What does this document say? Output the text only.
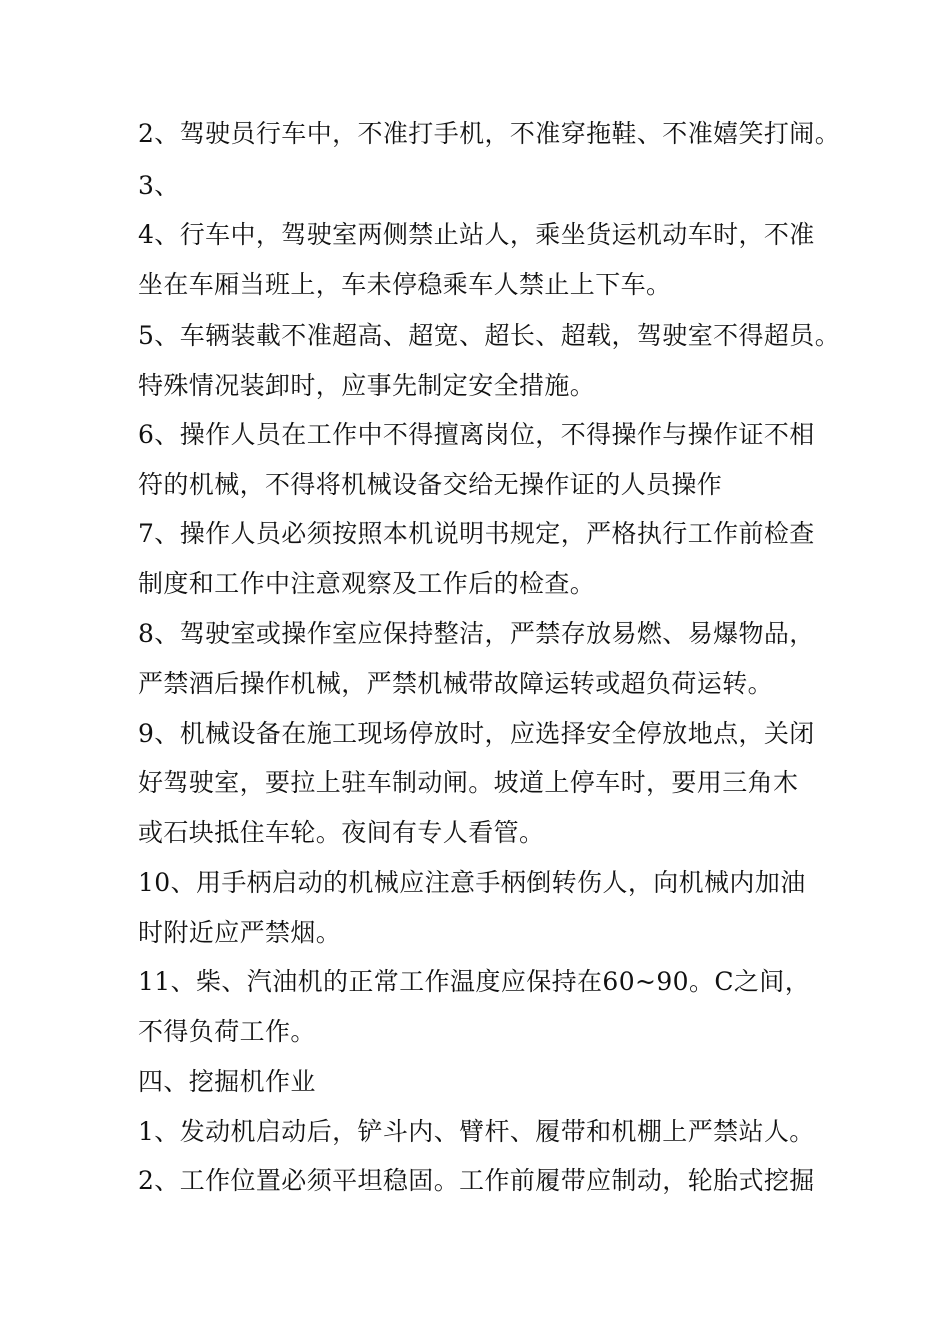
2、驾驶员行车中，不准打手机，不准穿拖鞋、不准嬉笑打闹。
3、
4、行车中，驾驶室两侧禁止站人，乘坐货运机动车时，不准
坐在车厢当班上，车未停稳乘车人禁止上下车。
5、车辆装載不准超高、超宽、超长、超载，驾驶室不得超员。
特殊情况装卸时，应事先制定安全措施。
6、操作人员在工作中不得擅离岗位，不得操作与操作证不相
符的机械，不得将机械设备交给无操作证的人员操作
7、操作人员必须按照本机说明书规定，严格执行工作前检查
制度和工作中注意观察及工作后的检查。
8、驾驶室或操作室应保持整洁，严禁存放易燃、易爆物品，
严禁酒后操作机械，严禁机械带故障运转或超负荷运转。
9、机械设备在施工现场停放时，应选择安全停放地点，关闭
好驾驶室，要拉上驻车制动闸。坡道上停车时，要用三角木
或石块抵住车轮。夜间有专人看管。
10、用手柄启动的机械应注意手柄倒转伤人，向机械内加油
时附近应严禁烟。
11、柴、汽油机的正常工作温度应保持在60~90。C之间，
不得负荷工作。
四、挖掘机作业
1、发动机启动后，铲斗内、臂杆、履带和机棚上严禁站人。
2、工作位置必须平坦稳固。工作前履带应制动，轮胎式挖掘
